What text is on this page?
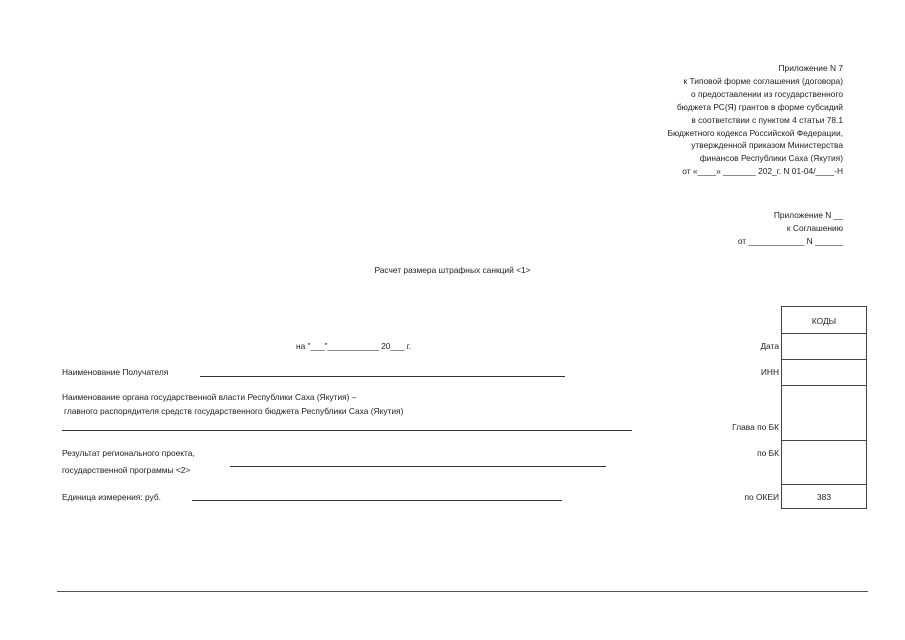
Приложение N 7
к Типовой форме соглашения (договора)
о предоставлении из государственного
бюджета РС(Я) грантов в форме субсидий
в соответствии с пунктом 4 статьи 78.1
Бюджетного кодекса Российской Федерации,
утвержденной приказом Министерства
финансов Республики Саха (Якутия)
от «____» _______ 202_г. N 01-04/____-Н
Приложение N __
к Соглашению
от ____________ N ______
Расчет размера штрафных санкций <1>
на "___"___________ 20___ г.
Наименование Получателя
Наименование органа государственной власти Республики Саха (Якутия) –
главного распорядителя средств государственного бюджета Республики Саха (Якутия)
Результат регионального проекта,
государственной программы <2>
Единица измерения: руб.
Дата
ИНН
Глава по БК
по БК
по ОКЕИ
КОДЫ
383
